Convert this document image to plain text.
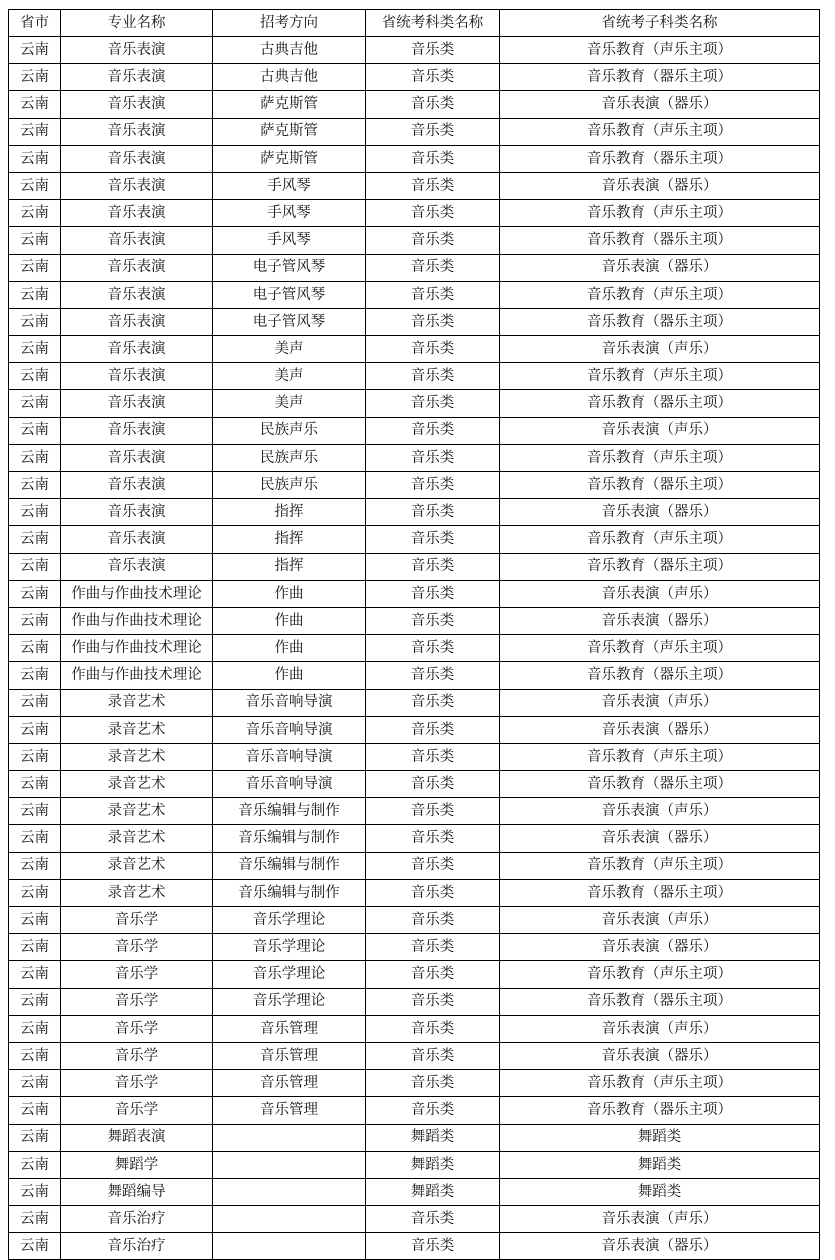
省市	专业名称	招考方向	省统考科类名称	省统考子科类名称
云南	音乐表演	古典吉他	音乐类	音乐教育（声乐主项）
云南	音乐表演	古典吉他	音乐类	音乐教育（器乐主项）
云南	音乐表演	萨克斯管	音乐类	音乐表演（器乐）
云南	音乐表演	萨克斯管	音乐类	音乐教育（声乐主项）
云南	音乐表演	萨克斯管	音乐类	音乐教育（器乐主项）
云南	音乐表演	手风琴	音乐类	音乐表演（器乐）
云南	音乐表演	手风琴	音乐类	音乐教育（声乐主项）
云南	音乐表演	手风琴	音乐类	音乐教育（器乐主项）
云南	音乐表演	电子管风琴	音乐类	音乐表演（器乐）
云南	音乐表演	电子管风琴	音乐类	音乐教育（声乐主项）
云南	音乐表演	电子管风琴	音乐类	音乐教育（器乐主项）
云南	音乐表演	美声	音乐类	音乐表演（声乐）
云南	音乐表演	美声	音乐类	音乐教育（声乐主项）
云南	音乐表演	美声	音乐类	音乐教育（器乐主项）
云南	音乐表演	民族声乐	音乐类	音乐表演（声乐）
云南	音乐表演	民族声乐	音乐类	音乐教育（声乐主项）
云南	音乐表演	民族声乐	音乐类	音乐教育（器乐主项）
云南	音乐表演	指挥	音乐类	音乐表演（器乐）
云南	音乐表演	指挥	音乐类	音乐教育（声乐主项）
云南	音乐表演	指挥	音乐类	音乐教育（器乐主项）
云南	作曲与作曲技术理论	作曲	音乐类	音乐表演（声乐）
云南	作曲与作曲技术理论	作曲	音乐类	音乐表演（器乐）
云南	作曲与作曲技术理论	作曲	音乐类	音乐教育（声乐主项）
云南	作曲与作曲技术理论	作曲	音乐类	音乐教育（器乐主项）
云南	录音艺术	音乐音响导演	音乐类	音乐表演（声乐）
云南	录音艺术	音乐音响导演	音乐类	音乐表演（器乐）
云南	录音艺术	音乐音响导演	音乐类	音乐教育（声乐主项）
云南	录音艺术	音乐音响导演	音乐类	音乐教育（器乐主项）
云南	录音艺术	音乐编辑与制作	音乐类	音乐表演（声乐）
云南	录音艺术	音乐编辑与制作	音乐类	音乐表演（器乐）
云南	录音艺术	音乐编辑与制作	音乐类	音乐教育（声乐主项）
云南	录音艺术	音乐编辑与制作	音乐类	音乐教育（器乐主项）
云南	音乐学	音乐学理论	音乐类	音乐表演（声乐）
云南	音乐学	音乐学理论	音乐类	音乐表演（器乐）
云南	音乐学	音乐学理论	音乐类	音乐教育（声乐主项）
云南	音乐学	音乐学理论	音乐类	音乐教育（器乐主项）
云南	音乐学	音乐管理	音乐类	音乐表演（声乐）
云南	音乐学	音乐管理	音乐类	音乐表演（器乐）
云南	音乐学	音乐管理	音乐类	音乐教育（声乐主项）
云南	音乐学	音乐管理	音乐类	音乐教育（器乐主项）
云南	舞蹈表演		舞蹈类	舞蹈类
云南	舞蹈学		舞蹈类	舞蹈类
云南	舞蹈编导		舞蹈类	舞蹈类
云南	音乐治疗		音乐类	音乐表演（声乐）
云南	音乐治疗		音乐类	音乐表演（器乐）
